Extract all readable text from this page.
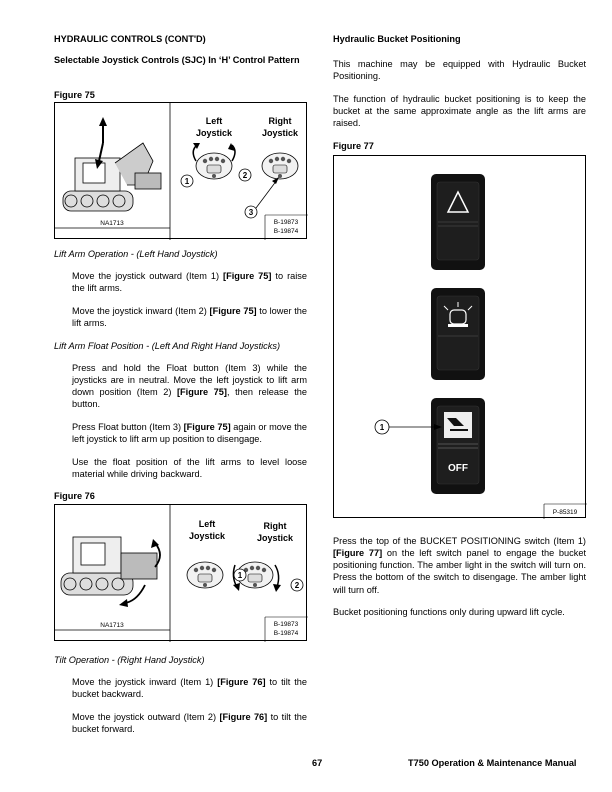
HYDRAULIC CONTROLS (CONT'D)
Selectable Joystick Controls (SJC) In ‘H’ Control Pattern
Figure 75
1
2
3
Left
Joystick
Right
Joystick
NA1713	B-19873
B-19874
Lift Arm Operation - (Left Hand Joystick)
Move the joystick outward (Item 1) [Figure 75] to raise the lift arms.
Move the joystick inward (Item 2) [Figure 75] to lower the lift arms.
Lift Arm Float Position - (Left And Right Hand Joysticks)
Press and hold the Float button (Item 3) while the joysticks are in neutral. Move the left joystick to lift arm down position (Item 2) [Figure 75], then release the button.
Press Float button (Item 3) [Figure 75] again or move the left joystick to lift arm up position to disengage.
Use the float position of the lift arms to level loose material while driving backward.
Figure 76
1
2
Left
Joystick
Right
Joystick
NA1713	B-19873
B-19874
Tilt Operation - (Right Hand Joystick)
Move the joystick inward (Item 1) [Figure 76] to tilt the bucket backward.
Move the joystick outward (Item 2) [Figure 76] to tilt the bucket forward.
Hydraulic Bucket Positioning
This machine may be equipped with Hydraulic Bucket Positioning.
The function of hydraulic bucket positioning is to keep the bucket at the same approximate angle as the lift arms are raised.
Figure 77
OFF
1
P-85319
Press the top of the BUCKET POSITIONING switch (Item 1) [Figure 77] on the left switch panel to engage the bucket positioning function. The amber light in the switch will turn on. Press the bottom of the switch to disengage. The amber light will turn off.
Bucket positioning functions only during upward lift cycle.
67	T750 Operation & Maintenance Manual
